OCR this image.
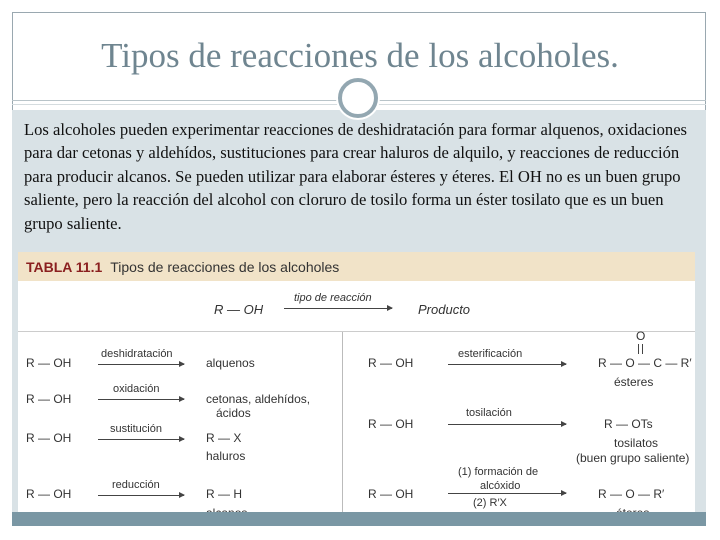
Tipos de reacciones de los alcoholes.

Los alcoholes pueden experimentar reacciones de deshidratación para formar alquenos, oxidaciones para dar cetonas y aldehídos, sustituciones para crear haluros de alquilo, y reacciones de reducción para producir alcanos. Se pueden utilizar para elaborar ésteres y éteres. El OH no es un buen grupo saliente, pero la reacción del alcohol con cloruro de tosilo forma un éster tosilato que es un buen grupo saliente.

TABLA 11.1 Tipos de reacciones de los alcoholes
R — OH
tipo de reacción
Producto
R — OH
deshidratación
alquenos
R — OH
oxidación
cetonas, aldehídos,
ácidos
R — OH
sustitución
R — X
haluros
R — OH
reducción
R — H
R — OH
esterificación
O
R — O — C — R′
ésteres
R — OH
tosilación
R — OTs
tosilatos
(buen grupo saliente)
R — OH
(1) formación de
alcóxido
(2) R′X
R — O — R′
